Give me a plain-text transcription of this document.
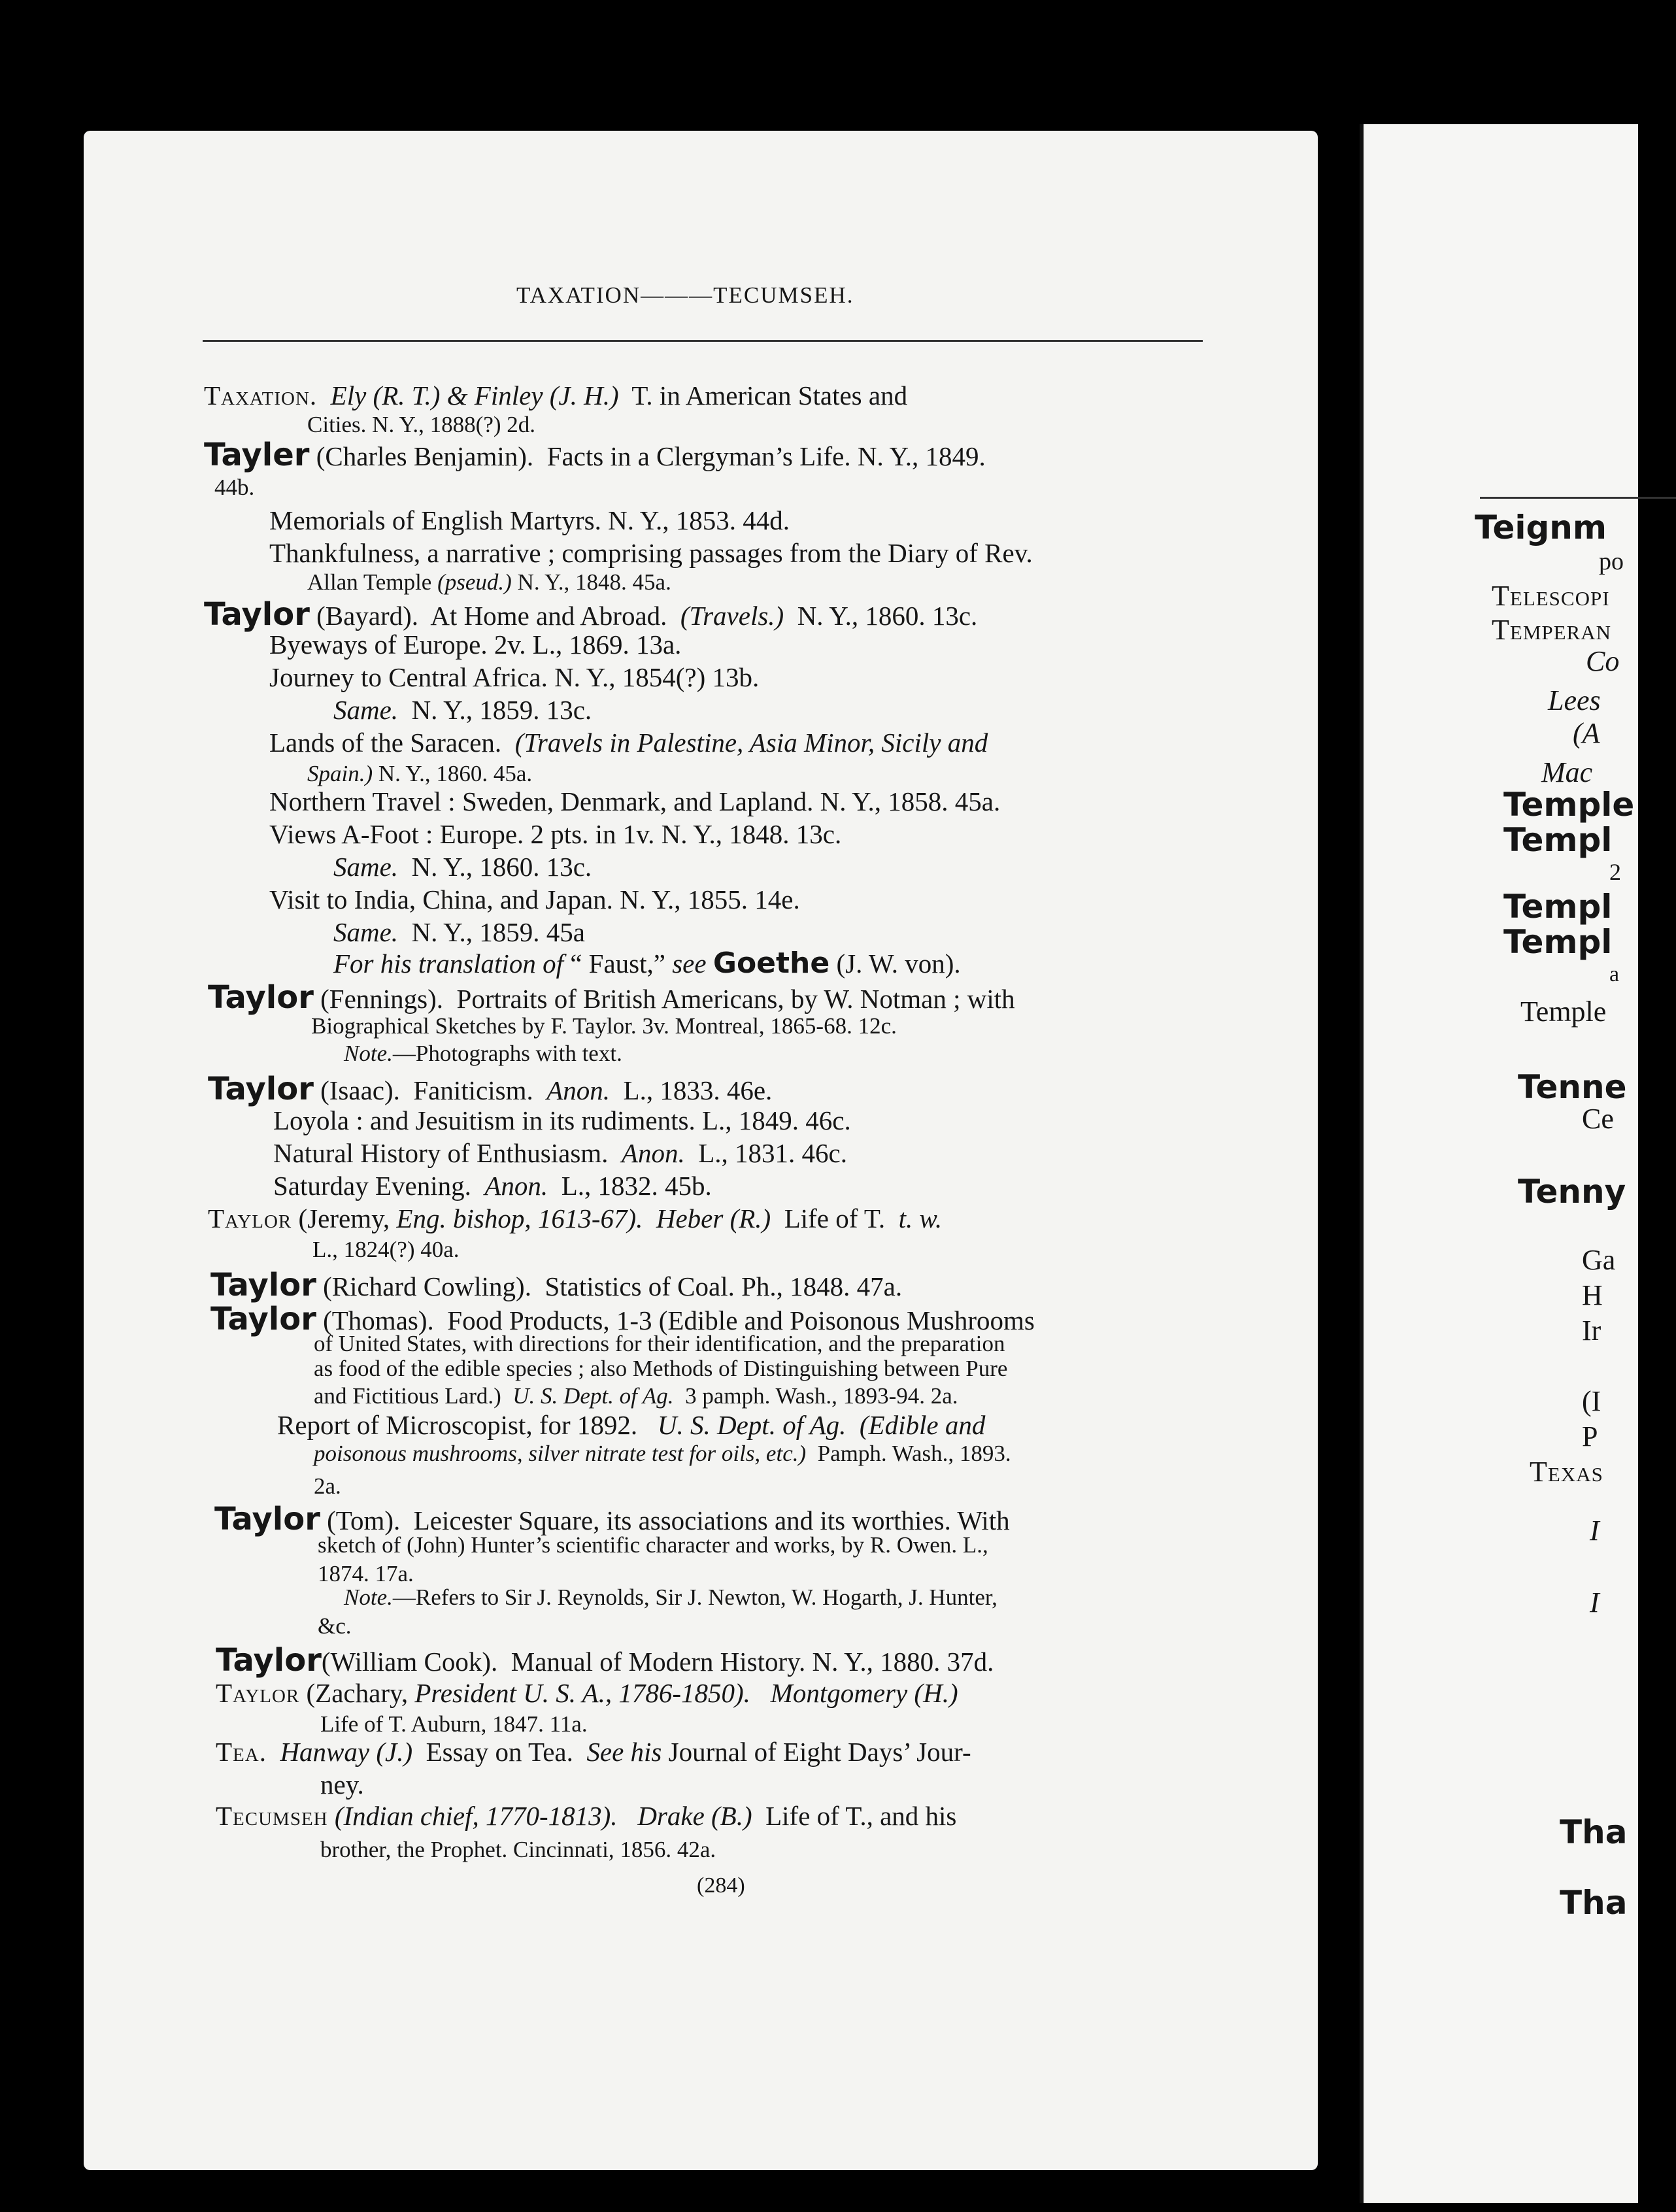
Teignm
po
Telescopi
Temperan
Co
Lees
(A
Mac
Temple
Templ
2
Templ
Templ
a
Temple
Tenne
Ce
Tenny
Ga
H
Ir
(I
P
Texas
I
I
Tha
Tha
TAXATION———TECUMSEH.
Taxation. Ely (R. T.) & Finley (J. H.) T. in American States and
Cities. N. Y., 1888(?) 2d.
Tayler (Charles Benjamin). Facts in a Clergyman’s Life. N. Y., 1849.
44b.
Memorials of English Martyrs. N. Y., 1853. 44d.
Thankfulness, a narrative ; comprising passages from the Diary of Rev.
Allan Temple (pseud.) N. Y., 1848. 45a.
Taylor (Bayard). At Home and Abroad. (Travels.) N. Y., 1860. 13c.
Byeways of Europe. 2v. L., 1869. 13a.
Journey to Central Africa. N. Y., 1854(?) 13b.
Same. N. Y., 1859. 13c.
Lands of the Saracen. (Travels in Palestine, Asia Minor, Sicily and
Spain.) N. Y., 1860. 45a.
Northern Travel : Sweden, Denmark, and Lapland. N. Y., 1858. 45a.
Views A-Foot : Europe. 2 pts. in 1v. N. Y., 1848. 13c.
Same. N. Y., 1860. 13c.
Visit to India, China, and Japan. N. Y., 1855. 14e.
Same. N. Y., 1859. 45a
For his translation of “ Faust,” see Goethe (J. W. von).
Taylor (Fennings). Portraits of British Americans, by W. Notman ; with
Biographical Sketches by F. Taylor. 3v. Montreal, 1865-68. 12c.
Note.—Photographs with text.
Taylor (Isaac). Faniticism. Anon. L., 1833. 46e.
Loyola : and Jesuitism in its rudiments. L., 1849. 46c.
Natural History of Enthusiasm. Anon. L., 1831. 46c.
Saturday Evening. Anon. L., 1832. 45b.
Taylor (Jeremy, Eng. bishop, 1613-67). Heber (R.) Life of T. t. w.
L., 1824(?) 40a.
Taylor (Richard Cowling). Statistics of Coal. Ph., 1848. 47a.
Taylor (Thomas). Food Products, 1-3 (Edible and Poisonous Mushrooms
of United States, with directions for their identification, and the preparation
as food of the edible species ; also Methods of Distinguishing between Pure
and Fictitious Lard.) U. S. Dept. of Ag. 3 pamph. Wash., 1893-94. 2a.
Report of Microscopist, for 1892. U. S. Dept. of Ag. (Edible and
poisonous mushrooms, silver nitrate test for oils, etc.) Pamph. Wash., 1893.
2a.
Taylor (Tom). Leicester Square, its associations and its worthies. With
sketch of (John) Hunter’s scientific character and works, by R. Owen. L.,
1874. 17a.
Note.—Refers to Sir J. Reynolds, Sir J. Newton, W. Hogarth, J. Hunter,
&c.
Taylor(William Cook). Manual of Modern History. N. Y., 1880. 37d.
Taylor (Zachary, President U. S. A., 1786-1850). Montgomery (H.)
Life of T. Auburn, 1847. 11a.
Tea. Hanway (J.) Essay on Tea. See his Journal of Eight Days’ Jour-
ney.
Tecumseh (Indian chief, 1770-1813). Drake (B.) Life of T., and his
brother, the Prophet. Cincinnati, 1856. 42a.
(284)
